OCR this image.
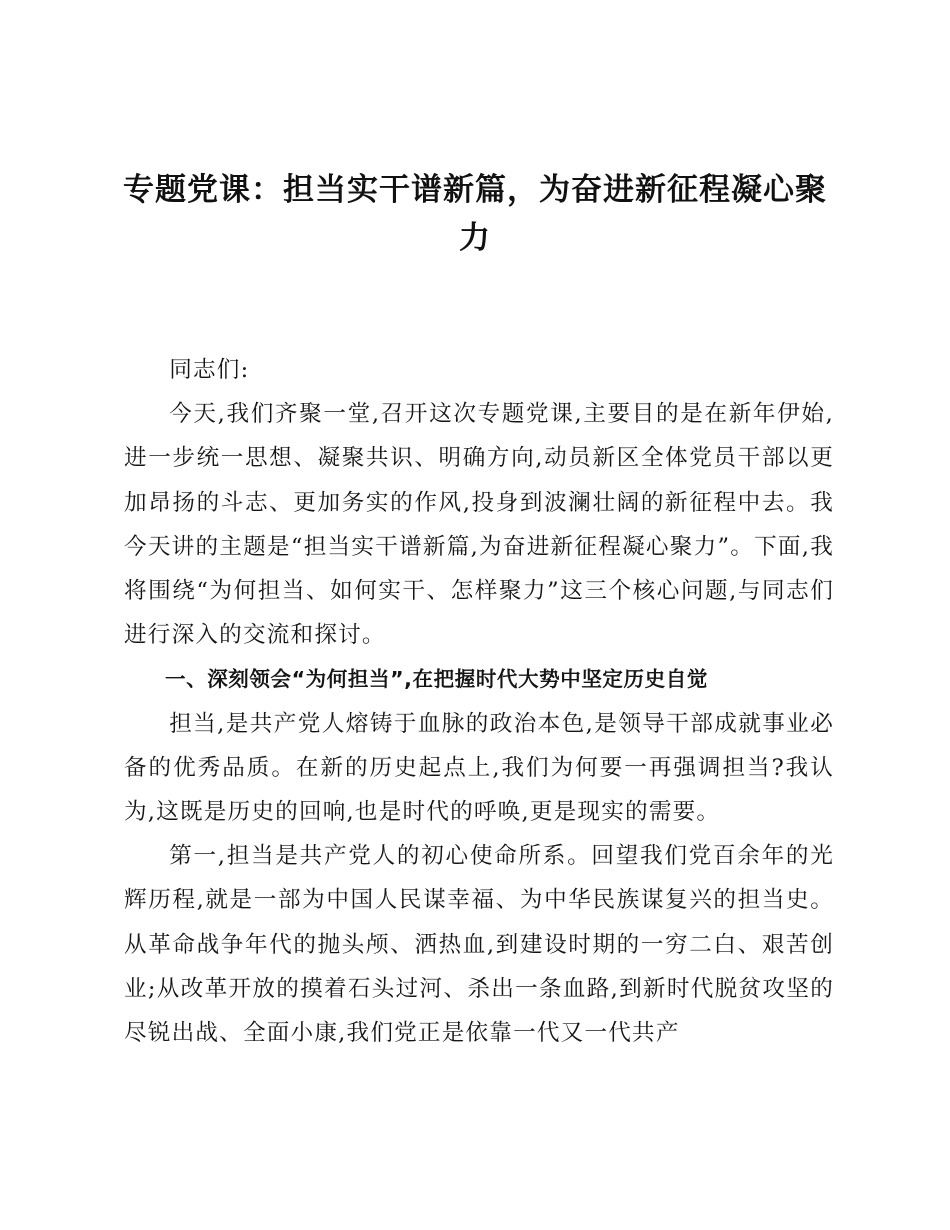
专题党课：担当实干谱新篇，为奋进新征程凝心聚力

同志们:

今天,我们齐聚一堂,召开这次专题党课,主要目的是在新年伊始,进一步统一思想、凝聚共识、明确方向,动员新区全体党员干部以更加昂扬的斗志、更加务实的作风,投身到波澜壮阔的新征程中去。我今天讲的主题是“担当实干谱新篇,为奋进新征程凝心聚力”。下面,我将围绕“为何担当、如何实干、怎样聚力”这三个核心问题,与同志们进行深入的交流和探讨。

一、深刻领会“为何担当”,在把握时代大势中坚定历史自觉

担当,是共产党人熔铸于血脉的政治本色,是领导干部成就事业必备的优秀品质。在新的历史起点上,我们为何要一再强调担当?我认为,这既是历史的回响,也是时代的呼唤,更是现实的需要。

第一,担当是共产党人的初心使命所系。回望我们党百余年的光辉历程,就是一部为中国人民谋幸福、为中华民族谋复兴的担当史。从革命战争年代的抛头颅、洒热血,到建设时期的一穷二白、艰苦创业;从改革开放的摸着石头过河、杀出一条血路,到新时代脱贫攻坚的尽锐出战、全面小康,我们党正是依靠一代又一代共产
